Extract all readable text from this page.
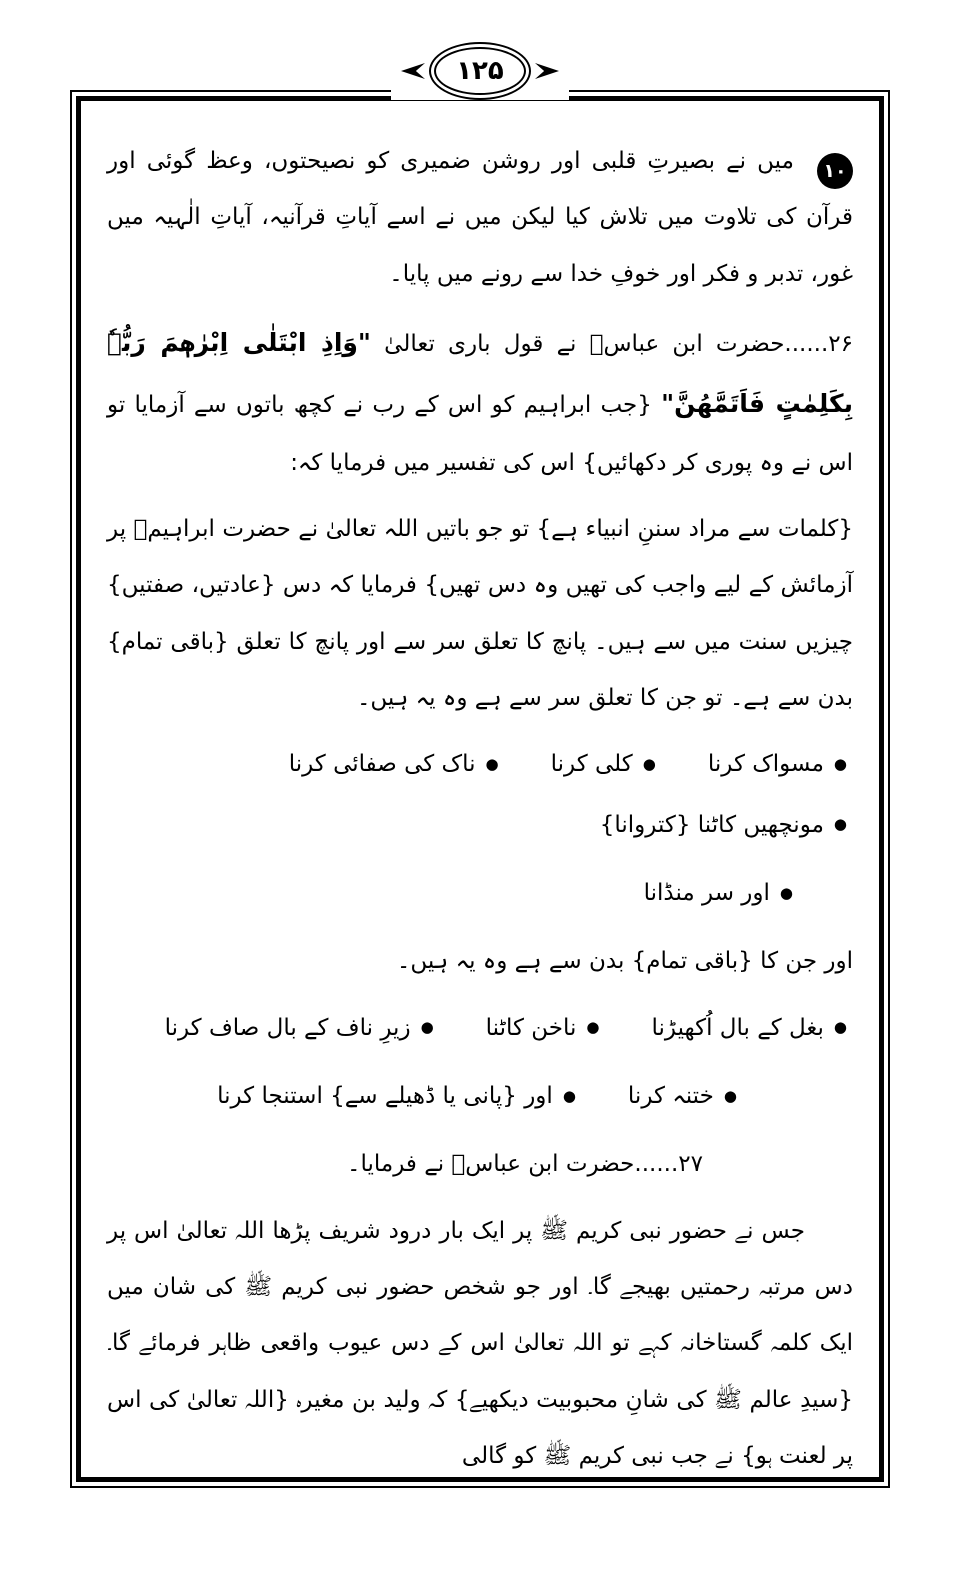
۱۲۵

۱۰
میں نے بصیرتِ قلبی اور روشن ضمیری کو نصیحتوں، وعظ گوئی اور قرآن کی تلاوت میں تلاش کیا لیکن میں نے اسے آیاتِ قرآنیہ، آیاتِ الٰہیہ میں غور، تدبر و فکر اور خوفِ خدا سے رونے میں پایا۔

۲۶......حضرت ابن عباسؓ نے قول باری تعالیٰ "وَاِذِ ابْتَلٰی اِبْرٰھٖمَ رَبُّہٗ بِکَلِمٰتٍ فَاَتَمَّھُنَّ" {جب ابراہیم کو اس کے رب نے کچھ باتوں سے آزمایا تو اس نے وہ پوری کر دکھائیں} اس کی تفسیر میں فرمایا کہ:

{کلمات سے مراد سننِ انبیاء ہے} تو جو باتیں اللہ تعالیٰ نے حضرت ابراہیمؑ پر آزمائش کے لیے واجب کی تھیں وہ دس تھیں} فرمایا کہ دس {عادتیں، صفتیں} چیزیں سنت میں سے ہیں۔ پانچ کا تعلق سر سے اور پانچ کا تعلق {باقی تمام} بدن سے ہے۔ تو جن کا تعلق سر سے ہے وہ یہ ہیں۔

●
مسواک کرنا
●
کلی کرنا
●
ناک کی صفائی کرنا
●
مونچھیں کاٹنا {کتروانا}
●
اور سر منڈانا

اور جن کا {باقی تمام} بدن سے ہے وہ یہ ہیں۔

●
بغل کے بال اُکھیڑنا
●
ناخن کاٹنا
●
زیرِ ناف کے بال صاف کرنا
●
ختنہ کرنا
●
اور {پانی یا ڈھیلے سے} استنجا کرنا

۲۷......حضرت ابن عباسؓ نے فرمایا۔

جس نے حضور نبی کریم ﷺ پر ایک بار درود شریف پڑھا اللہ تعالیٰ اس پر دس مرتبہ رحمتیں بھیجے گا۔ اور جو شخص حضور نبی کریم ﷺ کی شان میں ایک کلمہ گستاخانہ کہے تو اللہ تعالیٰ اس کے دس عیوب واقعی ظاہر فرمائے گا۔ {سیدِ عالم ﷺ کی شانِ محبوبیت دیکھیے} کہ ولید بن مغیرہ {اللہ تعالیٰ کی اس پر لعنت ہو} نے جب نبی کریم ﷺ کو گالی
